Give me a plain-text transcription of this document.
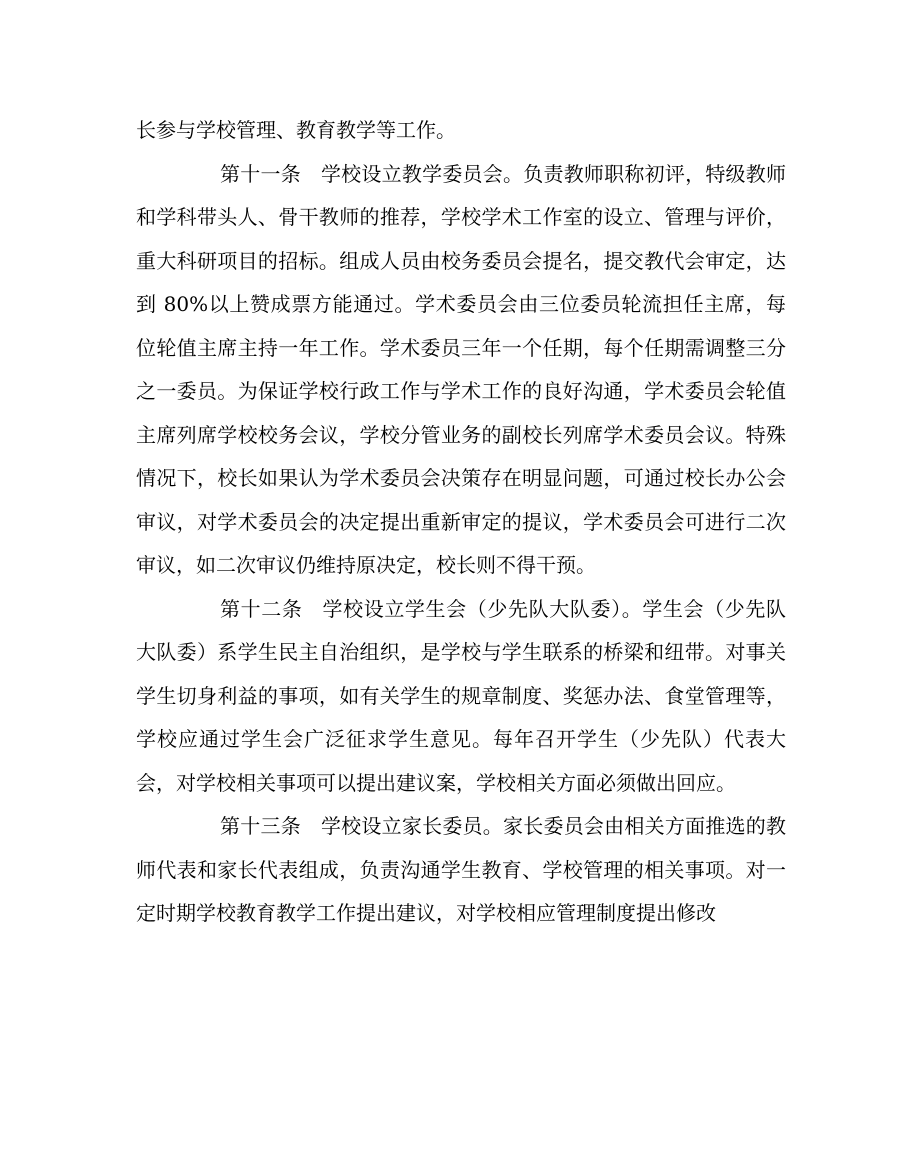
长参与学校管理、教育教学等工作。

第十一条 学校设立教学委员会。负责教师职称初评，特级教师和学科带头人、骨干教师的推荐，学校学术工作室的设立、管理与评价，重大科研项目的招标。组成人员由校务委员会提名，提交教代会审定，达到 80%以上赞成票方能通过。学术委员会由三位委员轮流担任主席，每位轮值主席主持一年工作。学术委员三年一个任期，每个任期需调整三分之一委员。为保证学校行政工作与学术工作的良好沟通，学术委员会轮值主席列席学校校务会议，学校分管业务的副校长列席学术委员会议。特殊情况下，校长如果认为学术委员会决策存在明显问题，可通过校长办公会审议，对学术委员会的决定提出重新审定的提议，学术委员会可进行二次审议，如二次审议仍维持原决定，校长则不得干预。

第十二条 学校设立学生会（少先队大队委）。学生会（少先队大队委）系学生民主自治组织，是学校与学生联系的桥梁和纽带。对事关学生切身利益的事项，如有关学生的规章制度、奖惩办法、食堂管理等，学校应通过学生会广泛征求学生意见。每年召开学生（少先队）代表大会，对学校相关事项可以提出建议案，学校相关方面必须做出回应。

第十三条 学校设立家长委员。家长委员会由相关方面推选的教师代表和家长代表组成，负责沟通学生教育、学校管理的相关事项。对一定时期学校教育教学工作提出建议，对学校相应管理制度提出修改
